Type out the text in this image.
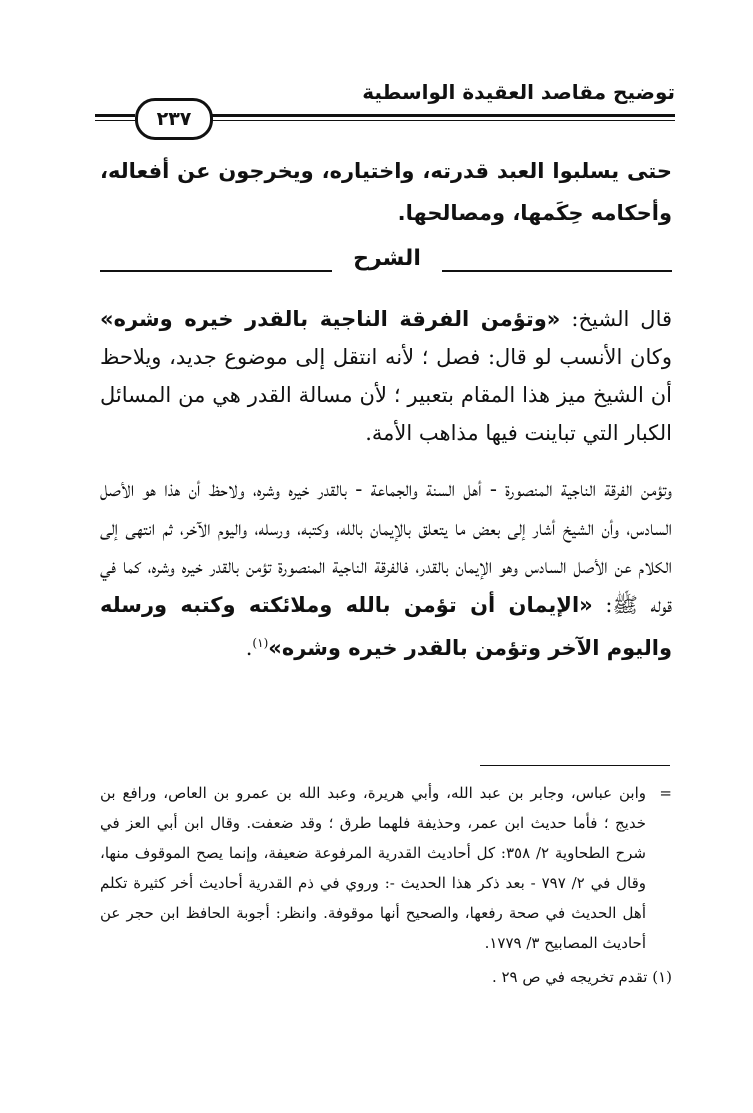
توضيح مقاصد العقيدة الواسطية
٢٣٧
حتى يسلبوا العبد قدرته، واختياره، ويخرجون عن أفعاله، وأحكامه حِكَمها، ومصالحها.
الشرح
قال الشيخ: «وتؤمن الفرقة الناجية بالقدر خيره وشره» وكان الأنسب لو قال: فصل ؛ لأنه انتقل إلى موضوع جديد، ويلاحظ أن الشيخ ميز هذا المقام بتعبير ؛ لأن مسالة القدر هي من المسائل الكبار التي تباينت فيها مذاهب الأمة.
وتؤمن الفرقة الناجية المنصورة - أهل السنة والجماعة - بالقدر خيره وشره، ولاحظ أن هذا هو الأصل السادس، وأن الشيخ أشار إلى بعض ما يتعلق بالإيمان بالله، وكتبه، ورسله، واليوم الآخر، ثم انتهى إلى الكلام عن الأصل السادس وهو الإيمان بالقدر، فالفرقة الناجية المنصورة تؤمن بالقدر خيره وشره، كما في قوله ﷺ: «الإيمان أن تؤمن بالله وملائكته وكتبه ورسله واليوم الآخر وتؤمن بالقدر خيره وشره»$^{(١)}$.
=
وابن عباس، وجابر بن عبد الله، وأبي هريرة، وعبد الله بن عمرو بن العاص، ورافع بن خديج ؛ فأما حديث ابن عمر، وحذيفة فلهما طرق ؛ وقد ضعفت. وقال ابن أبي العز في شرح الطحاوية ٢/ ٣٥٨: كل أحاديث القدرية المرفوعة ضعيفة، وإنما يصح الموقوف منها، وقال في ٢/ ٧٩٧ - بعد ذكر هذا الحديث -: وروي في ذم القدرية أحاديث أخر كثيرة تكلم أهل الحديث في صحة رفعها، والصحيح أنها موقوفة. وانظر: أجوبة الحافظ ابن حجر عن أحاديث المصابيح ٣/ ١٧٧٩.
(١) تقدم تخريجه في ص ٢٩ .
